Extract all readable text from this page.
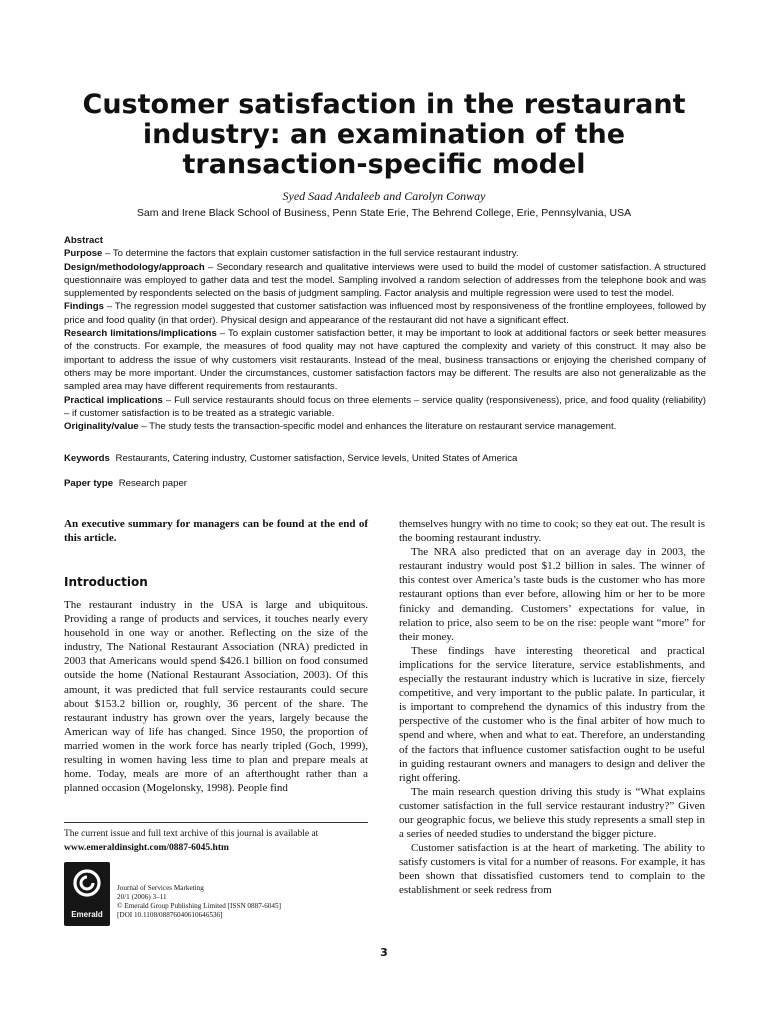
Customer satisfaction in the restaurant
industry: an examination of the
transaction-specific model
Syed Saad Andaleeb and Carolyn Conway
Sam and Irene Black School of Business, Penn State Erie, The Behrend College, Erie, Pennsylvania, USA

Abstract

Purpose – To determine the factors that explain customer satisfaction in the full service restaurant industry.

Design/methodology/approach – Secondary research and qualitative interviews were used to build the model of customer satisfaction. A structured questionnaire was employed to gather data and test the model. Sampling involved a random selection of addresses from the telephone book and was supplemented by respondents selected on the basis of judgment sampling. Factor analysis and multiple regression were used to test the model.

Findings – The regression model suggested that customer satisfaction was influenced most by responsiveness of the frontline employees, followed by price and food quality (in that order). Physical design and appearance of the restaurant did not have a significant effect.

Research limitations/implications – To explain customer satisfaction better, it may be important to look at additional factors or seek better measures of the constructs. For example, the measures of food quality may not have captured the complexity and variety of this construct. It may also be important to address the issue of why customers visit restaurants. Instead of the meal, business transactions or enjoying the cherished company of others may be more important. Under the circumstances, customer satisfaction factors may be different. The results are also not generalizable as the sampled area may have different requirements from restaurants.

Practical implications – Full service restaurants should focus on three elements – service quality (responsiveness), price, and food quality (reliability) – if customer satisfaction is to be treated as a strategic variable.

Originality/value – The study tests the transaction-specific model and enhances the literature on restaurant service management.

Keywords Restaurants, Catering industry, Customer satisfaction, Service levels, United States of America
Paper type Research paper
An executive summary for managers can be found at the end of this article.
Introduction

The restaurant industry in the USA is large and ubiquitous. Providing a range of products and services, it touches nearly every household in one way or another. Reflecting on the size of the industry, The National Restaurant Association (NRA) predicted in 2003 that Americans would spend $426.1 billion on food consumed outside the home (National Restaurant Association, 2003). Of this amount, it was predicted that full service restaurants could secure about $153.2 billion or, roughly, 36 percent of the share. The restaurant industry has grown over the years, largely because the American way of life has changed. Since 1950, the proportion of married women in the work force has nearly tripled (Goch, 1999), resulting in women having less time to plan and prepare meals at home. Today, meals are more of an afterthought rather than a planned occasion (Mogelonsky, 1998). People find

themselves hungry with no time to cook; so they eat out. The result is the booming restaurant industry.

The NRA also predicted that on an average day in 2003, the restaurant industry would post $1.2 billion in sales. The winner of this contest over America’s taste buds is the customer who has more restaurant options than ever before, allowing him or her to be more finicky and demanding. Customers’ expectations for value, in relation to price, also seem to be on the rise: people want “more” for their money.

These findings have interesting theoretical and practical implications for the service literature, service establishments, and especially the restaurant industry which is lucrative in size, fiercely competitive, and very important to the public palate. In particular, it is important to comprehend the dynamics of this industry from the perspective of the customer who is the final arbiter of how much to spend and where, when and what to eat. Therefore, an understanding of the factors that influence customer satisfaction ought to be useful in guiding restaurant owners and managers to design and deliver the right offering.

The main research question driving this study is “What explains customer satisfaction in the full service restaurant industry?” Given our geographic focus, we believe this study represents a small step in a series of needed studies to understand the bigger picture.

Customer satisfaction is at the heart of marketing. The ability to satisfy customers is vital for a number of reasons. For example, it has been shown that dissatisfied customers tend to complain to the establishment or seek redress from

The current issue and full text archive of this journal is available at
www.emeraldinsight.com/0887-6045.htm
Emerald
Journal of Services Marketing
20/1 (2006) 3–11
© Emerald Group Publishing Limited [ISSN 0887-6045]
[DOI 10.1108/08876040610646536]
3
